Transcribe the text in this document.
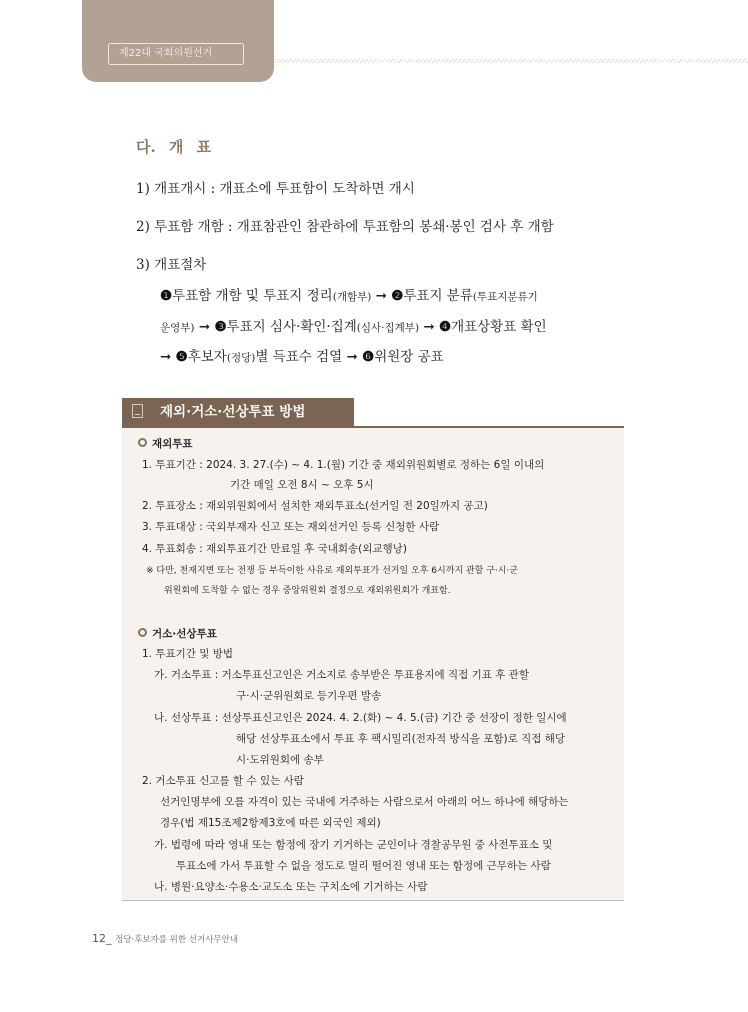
제22대 국회의원선거
다. 개 표
1) 개표개시 : 개표소에 투표함이 도착하면 개시
2) 투표함 개함 : 개표참관인 참관하에 투표함의 봉쇄·봉인 검사 후 개함
3) 개표절차
❶투표함 개함 및 투표지 정리(개함부) ➞ ❷투표지 분류(투표지분류기
운영부) ➞ ❸투표지 심사·확인·집계(심사·집계부) ➞ ❹개표상황표 확인
➞ ❺후보자(정당)별 득표수 검열 ➞ ❻위원장 공표
재외·거소·선상투표 방법
재외투표
1. 투표기간 : 2024. 3. 27.(수) ~ 4. 1.(월) 기간 중 재외위원회별로 정하는 6일 이내의
기간 매일 오전 8시 ~ 오후 5시
2. 투표장소 : 재외위원회에서 설치한 재외투표소(선거일 전 20일까지 공고)
3. 투표대상 : 국외부재자 신고 또는 재외선거인 등록 신청한 사람
4. 투표회송 : 재외투표기간 만료일 후 국내회송(외교행낭)
※ 다만, 천재지변 또는 전쟁 등 부득이한 사유로 재외투표가 선거일 오후 6시까지 관할 구·시·군
위원회에 도착할 수 없는 경우 중앙위원회 결정으로 재외위원회가 개표함.
거소·선상투표
1. 투표기간 및 방법
가. 거소투표 : 거소투표신고인은 거소지로 송부받은 투표용지에 직접 기표 후 관할
구·시·군위원회로 등기우편 발송
나. 선상투표 : 선상투표신고인은 2024. 4. 2.(화) ~ 4. 5.(금) 기간 중 선장이 정한 일시에
해당 선상투표소에서 투표 후 팩시밀리(전자적 방식을 포함)로 직접 해당
시·도위원회에 송부
2. 거소투표 신고를 할 수 있는 사람
선거인명부에 오를 자격이 있는 국내에 거주하는 사람으로서 아래의 어느 하나에 해당하는
경우(법 제15조제2항제3호에 따른 외국인 제외)
가. 법령에 따라 영내 또는 함정에 장기 기거하는 군인이나 경찰공무원 중 사전투표소 및
투표소에 가서 투표할 수 없을 정도로 멀리 떨어진 영내 또는 함정에 근무하는 사람
나. 병원·요양소·수용소·교도소 또는 구치소에 기거하는 사람
12_ 정당·후보자를 위한 선거사무안내
